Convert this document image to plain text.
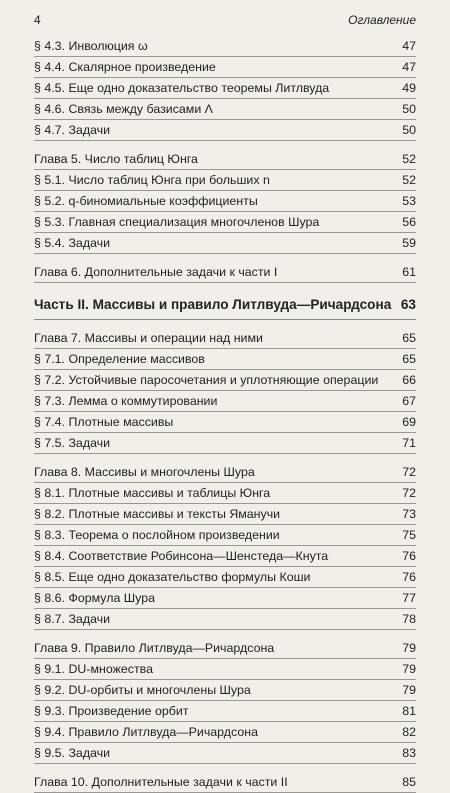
4	Оглавление
§ 4.3. Инволюция ω	47
§ 4.4. Скалярное произведение	47
§ 4.5. Еще одно доказательство теоремы Литлвуда	49
§ 4.6. Связь между базисами Λ	50
§ 4.7. Задачи	50
Глава 5. Число таблиц Юнга	52
§ 5.1. Число таблиц Юнга при больших n	52
§ 5.2. q-биномиальные коэффициенты	53
§ 5.3. Главная специализация многочленов Шура	56
§ 5.4. Задачи	59
Глава 6. Дополнительные задачи к части I	61
Часть II. Массивы и правило Литлвуда—Ричардсона 63
Глава 7. Массивы и операции над ними	65
§ 7.1. Определение массивов	65
§ 7.2. Устойчивые паросочетания и уплотняющие операции 66
§ 7.3. Лемма о коммутировании	67
§ 7.4. Плотные массивы	69
§ 7.5. Задачи	71
Глава 8. Массивы и многочлены Шура	72
§ 8.1. Плотные массивы и таблицы Юнга	72
§ 8.2. Плотные массивы и тексты Яманучи	73
§ 8.3. Теорема о послойном произведении	75
§ 8.4. Соответствие Робинсона—Шенстеда—Кнута	76
§ 8.5. Еще одно доказательство формулы Коши	76
§ 8.6. Формула Шура	77
§ 8.7. Задачи	78
Глава 9. Правило Литлвуда—Ричардсона	79
§ 9.1. DU-множества	79
§ 9.2. DU-орбиты и многочлены Шура	79
§ 9.3. Произведение орбит	81
§ 9.4. Правило Литлвуда—Ричардсона	82
§ 9.5. Задачи	83
Глава 10. Дополнительные задачи к части II	85
